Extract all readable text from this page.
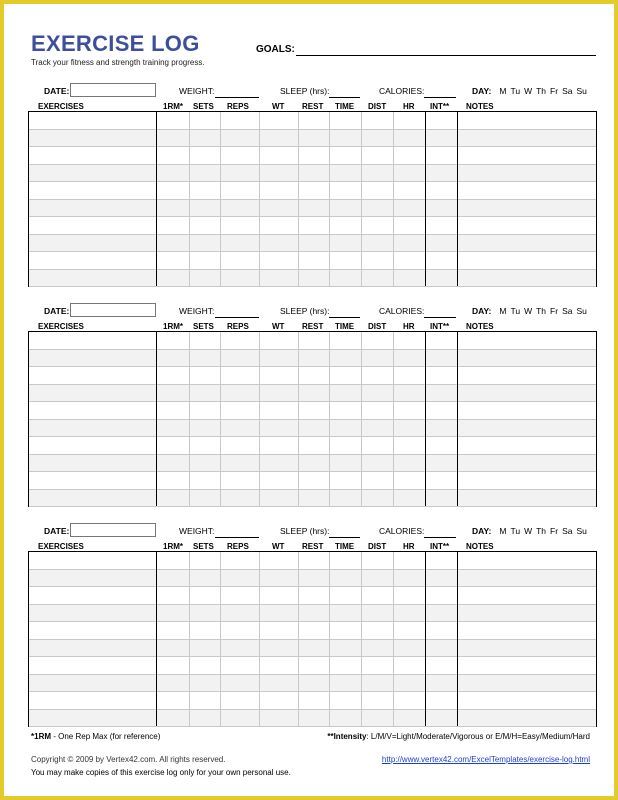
EXERCISE LOG
Track your fitness and strength training progress.
GOALS:
DATE:	WEIGHT:	SLEEP (hrs):	CALORIES:	DAY: M Tu W Th Fr Sa Su
EXERCISES	1RM* SETS REPS	WT REST TIME DIST HR INT** NOTES
DATE:	WEIGHT:	SLEEP (hrs):	CALORIES:	DAY: M Tu W Th Fr Sa Su
EXERCISES	1RM* SETS REPS	WT REST TIME DIST HR INT** NOTES
DATE:	WEIGHT:	SLEEP (hrs):	CALORIES:	DAY: M Tu W Th Fr Sa Su
EXERCISES	1RM* SETS REPS	WT REST TIME DIST HR INT** NOTES
*1RM - One Rep Max (for reference)	**Intensity: L/M/V=Light/Moderate/Vigorous or E/M/H=Easy/Medium/Hard
Copyright © 2009 by Vertex42.com. All rights reserved.	http://www.vertex42.com/ExcelTemplates/exercise-log.html
You may make copies of this exercise log only for your own personal use.
